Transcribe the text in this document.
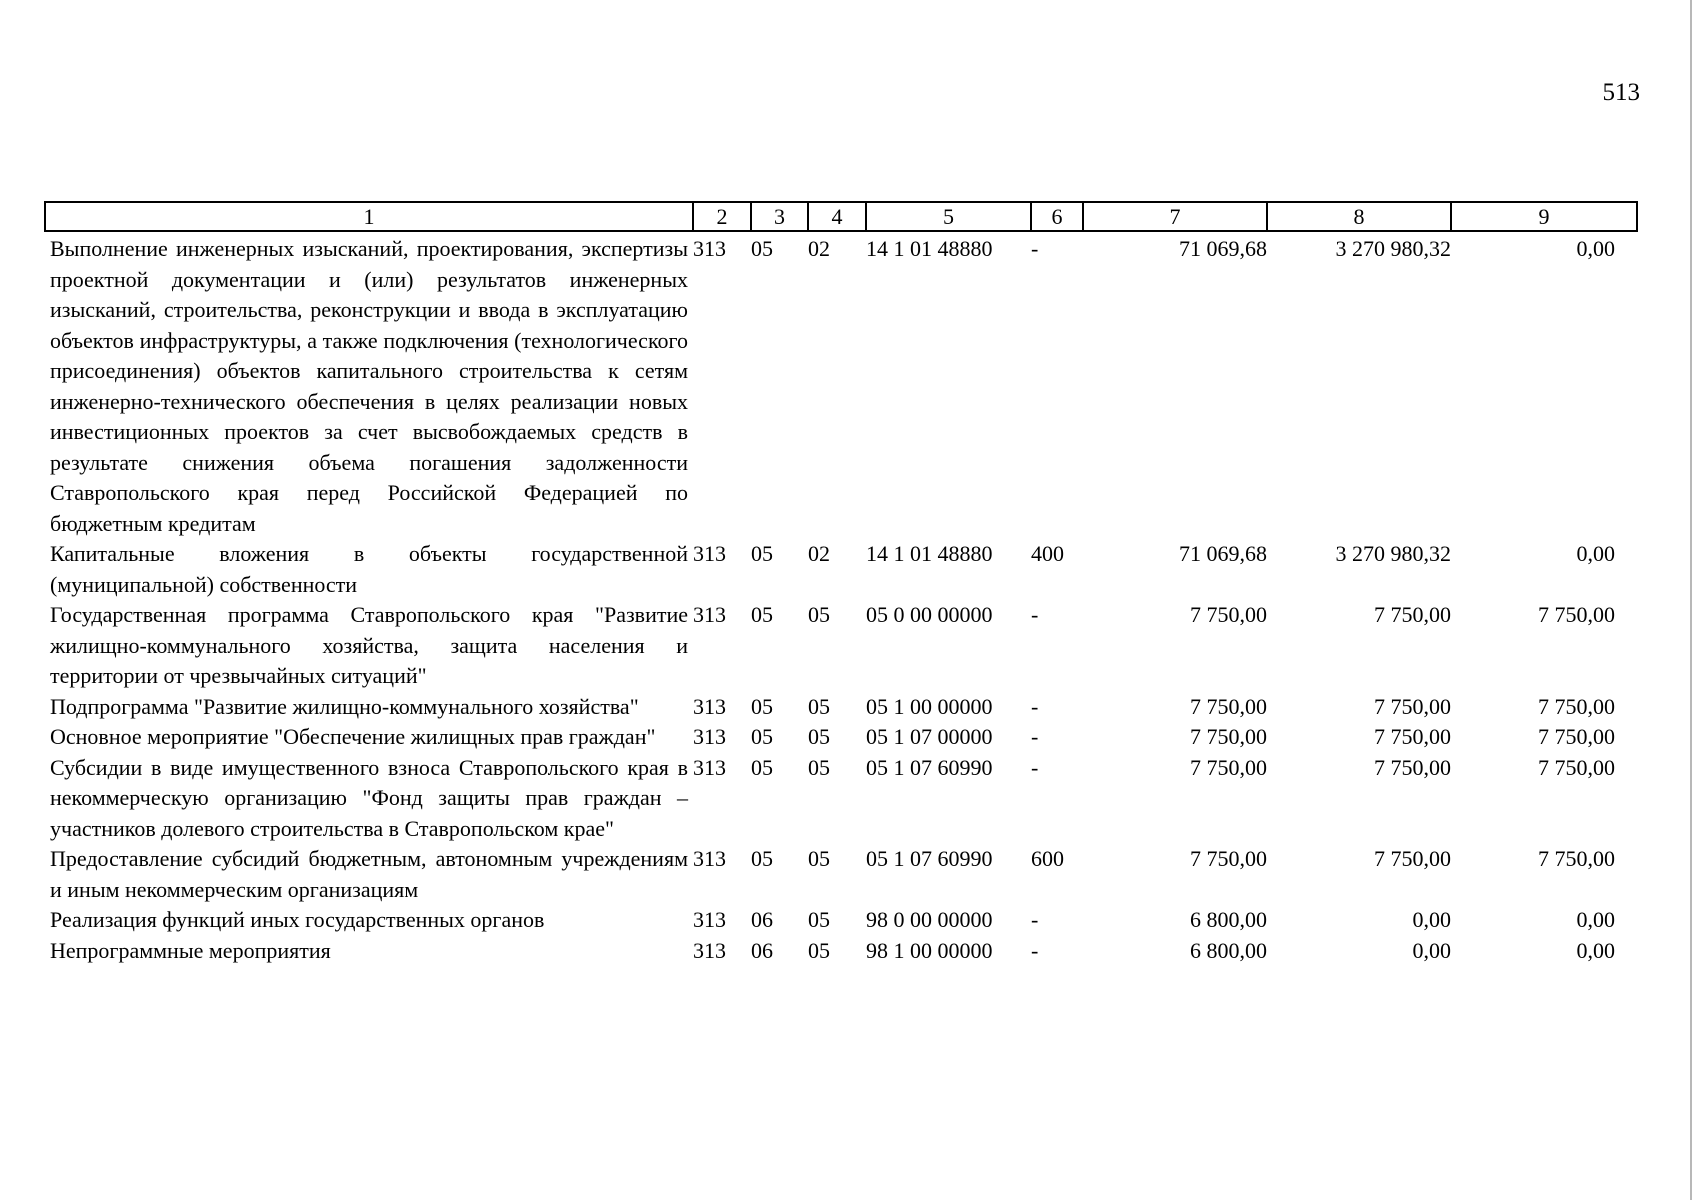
513
1	2	3	4	5	6	7	8	9
Выполнение инженерных изысканий, проектирования, экспертизы проектной документации и (или) результатов инженерных изысканий, строительства, реконструкции и ввода в эксплуатацию объектов инфраструктуры, а также подключения (технологического присоединения) объектов капитального строительства к сетям инженерно-технического обеспечения в целях реализации новых инвестиционных проектов за счет высвобождаемых средств в результате снижения объема погашения задолженности Ставропольского края перед Российской Федерацией по бюджетным кредитам	313	05	02	14 1 01 48880	-	71 069,68	3 270 980,32	0,00
Капитальные вложения в объекты государственной (муниципальной) собственности	313	05	02	14 1 01 48880	400	71 069,68	3 270 980,32	0,00
Государственная программа Ставропольского края "Развитие жилищно-коммунального хозяйства, защита населения и территории от чрезвычайных ситуаций"	313	05	05	05 0 00 00000	-	7 750,00	7 750,00	7 750,00
Подпрограмма "Развитие жилищно-коммунального хозяйства"	313	05	05	05 1 00 00000	-	7 750,00	7 750,00	7 750,00
Основное мероприятие "Обеспечение жилищных прав граждан"	313	05	05	05 1 07 00000	-	7 750,00	7 750,00	7 750,00
Субсидии в виде имущественного взноса Ставропольского края в некоммерческую организацию "Фонд защиты прав граждан – участников долевого строительства в Ставропольском крае"	313	05	05	05 1 07 60990	-	7 750,00	7 750,00	7 750,00
Предоставление субсидий бюджетным, автономным учреждениям и иным некоммерческим организациям	313	05	05	05 1 07 60990	600	7 750,00	7 750,00	7 750,00
Реализация функций иных государственных органов	313	06	05	98 0 00 00000	-	6 800,00	0,00	0,00
Непрограммные мероприятия	313	06	05	98 1 00 00000	-	6 800,00	0,00	0,00
